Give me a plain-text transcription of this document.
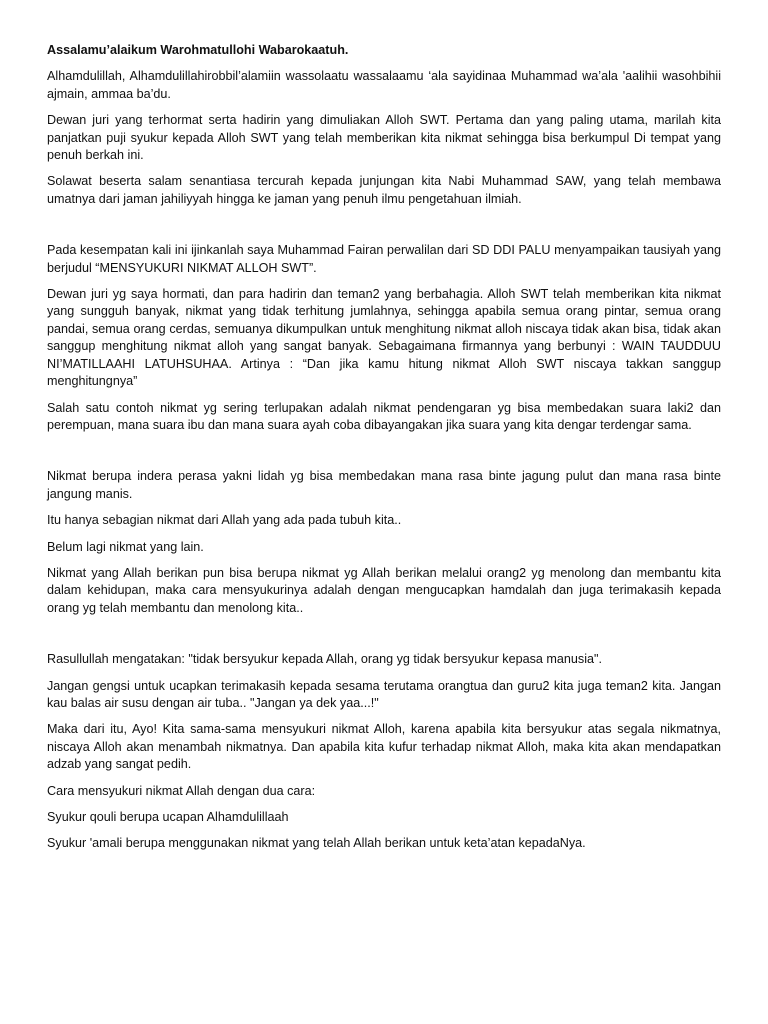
Assalamu’alaikum Warohmatullohi Wabarokaatuh.

Alhamdulillah, Alhamdulillahirobbil’alamiin wassolaatu wassalaamu ‘ala sayidinaa Muhammad wa’ala 'aalihii wasohbihii ajmain, ammaa ba’du.

Dewan juri yang terhormat serta hadirin yang dimuliakan Alloh SWT. Pertama dan yang paling utama, marilah kita panjatkan puji syukur kepada Alloh SWT yang telah memberikan kita nikmat sehingga bisa berkumpul Di tempat yang penuh berkah ini.

Solawat beserta salam senantiasa tercurah kepada junjungan kita Nabi Muhammad SAW, yang telah membawa umatnya dari jaman jahiliyyah hingga ke jaman yang penuh ilmu pengetahuan ilmiah.

Pada kesempatan kali ini ijinkanlah saya Muhammad Fairan perwalilan dari SD DDI PALU menyampaikan tausiyah yang berjudul “MENSYUKURI NIKMAT ALLOH SWT”.

Dewan juri yg saya hormati, dan para hadirin dan teman2 yang berbahagia. Alloh SWT telah memberikan kita nikmat yang sungguh banyak, nikmat yang tidak terhitung jumlahnya, sehingga apabila semua orang pintar, semua orang pandai, semua orang cerdas, semuanya dikumpulkan untuk menghitung nikmat alloh niscaya tidak akan bisa, tidak akan sanggup menghitung nikmat alloh yang sangat banyak. Sebagaimana firmannya yang berbunyi : WAIN TAUDDUU NI’MATILLAAHI LATUHSUHAA. Artinya : “Dan jika kamu hitung nikmat Alloh SWT niscaya takkan sanggup menghitungnya”

Salah satu contoh nikmat yg sering terlupakan adalah nikmat pendengaran yg bisa membedakan suara laki2 dan perempuan, mana suara ibu dan mana suara ayah coba dibayangakan jika suara yang kita dengar terdengar sama.

Nikmat berupa indera perasa yakni lidah yg bisa membedakan mana rasa binte jagung pulut dan mana rasa binte jangung manis.

Itu hanya sebagian nikmat dari Allah yang ada pada tubuh kita..

Belum lagi nikmat yang lain.

Nikmat yang Allah berikan pun bisa berupa nikmat yg Allah berikan melalui orang2 yg menolong dan membantu kita dalam kehidupan, maka cara mensyukurinya adalah dengan mengucapkan hamdalah dan juga terimakasih kepada orang yg telah membantu dan menolong kita..

Rasullullah mengatakan: "tidak bersyukur kepada Allah, orang yg tidak bersyukur kepasa manusia".

Jangan gengsi untuk ucapkan terimakasih kepada sesama terutama orangtua dan guru2 kita juga teman2 kita. Jangan kau balas air susu dengan air tuba.. "Jangan ya dek yaa...!"

Maka dari itu, Ayo! Kita sama-sama mensyukuri nikmat Alloh, karena apabila kita bersyukur atas segala nikmatnya, niscaya Alloh akan menambah nikmatnya. Dan apabila kita kufur terhadap nikmat Alloh, maka kita akan mendapatkan adzab yang sangat pedih.

Cara mensyukuri nikmat Allah dengan dua cara:

Syukur qouli berupa ucapan Alhamdulillaah

Syukur 'amali berupa menggunakan nikmat yang telah Allah berikan untuk keta’atan kepadaNya.
